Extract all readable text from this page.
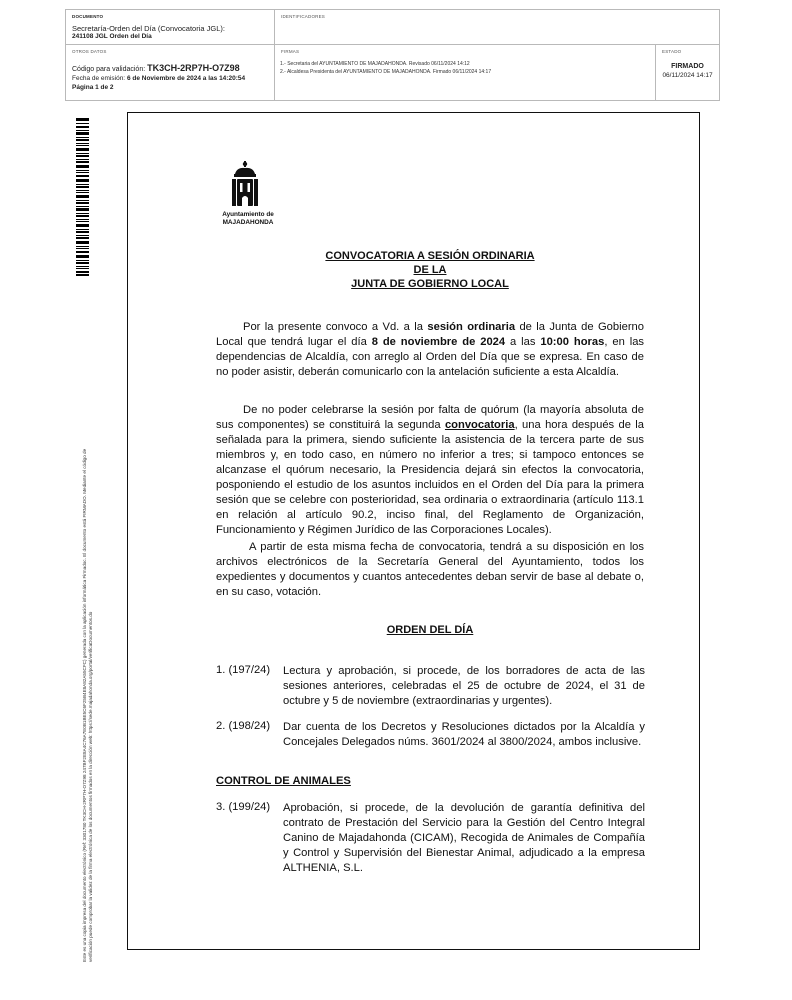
DOCUMENTO
Secretaría-Orden del Día (Convocatoria JGL):
241108 JGL Orden del Día
IDENTIFICADORES
OTROS DATOS
Código para validación: TK3CH-2RP7H-O7Z98
Fecha de emisión: 6 de Noviembre de 2024 a las 14:20:54
Página 1 de 2
FIRMAS
1.- Secretaria del AYUNTAMIENTO DE MAJADAHONDA. Revisado 06/11/2024 14:12
2.- Alcaldesa Presidenta del AYUNTAMIENTO DE MAJADAHONDA. Firmado 06/11/2024 14:17
ESTADO
FIRMADO
06/11/2024 14:17
Este es una copia impresa del documento electrónico (Ref: 3301780 TK3CH-2RP7H-O7Z98 247BF2E8A4C76A7E0B1BE5C6F25B4E8A82A55CFC) generada con la aplicación informática Firmadoc. El documento está FIRMADO. Mediante el código de verificación puede comprobar la validez de la firma electrónica de los documentos firmados en la dirección web: https://sede.majadahonda.org/portal/verificaDocumentos.do
Ayuntamiento de
MAJADAHONDA
CONVOCATORIA A SESIÓN ORDINARIA
DE LA
JUNTA DE GOBIERNO LOCAL
Por la presente convoco a Vd. a la sesión ordinaria de la Junta de Gobierno Local que tendrá lugar el día 8 de noviembre de 2024 a las 10:00 horas, en las dependencias de Alcaldía, con arreglo al Orden del Día que se expresa. En caso de no poder asistir, deberán comunicarlo con la antelación suficiente a esta Alcaldía.
De no poder celebrarse la sesión por falta de quórum (la mayoría absoluta de sus componentes) se constituirá la segunda convocatoria, una hora después de la señalada para la primera, siendo suficiente la asistencia de la tercera parte de sus miembros y, en todo caso, en número no inferior a tres; si tampoco entonces se alcanzase el quórum necesario, la Presidencia dejará sin efectos la convocatoria, posponiendo el estudio de los asuntos incluidos en el Orden del Día para la primera sesión que se celebre con posterioridad, sea ordinaria o extraordinaria (artículo 113.1 en relación al artículo 90.2, inciso final, del Reglamento de Organización, Funcionamiento y Régimen Jurídico de las Corporaciones Locales).
A partir de esta misma fecha de convocatoria, tendrá a su disposición en los archivos electrónicos de la Secretaría General del Ayuntamiento, todos los expedientes y documentos y cuantos antecedentes deban servir de base al debate o, en su caso, votación.
ORDEN DEL DÍA
1. (197/24) Lectura y aprobación, si procede, de los borradores de acta de las sesiones anteriores, celebradas el 25 de octubre de 2024, el 31 de octubre y 5 de noviembre (extraordinarias y urgentes).
2. (198/24) Dar cuenta de los Decretos y Resoluciones dictados por la Alcaldía y Concejales Delegados núms. 3601/2024 al 3800/2024, ambos inclusive.
CONTROL DE ANIMALES
3. (199/24) Aprobación, si procede, de la devolución de garantía definitiva del contrato de Prestación del Servicio para la Gestión del Centro Integral Canino de Majadahonda (CICAM), Recogida de Animales de Compañía y Control y Supervisión del Bienestar Animal, adjudicado a la empresa ALTHENIA, S.L.
